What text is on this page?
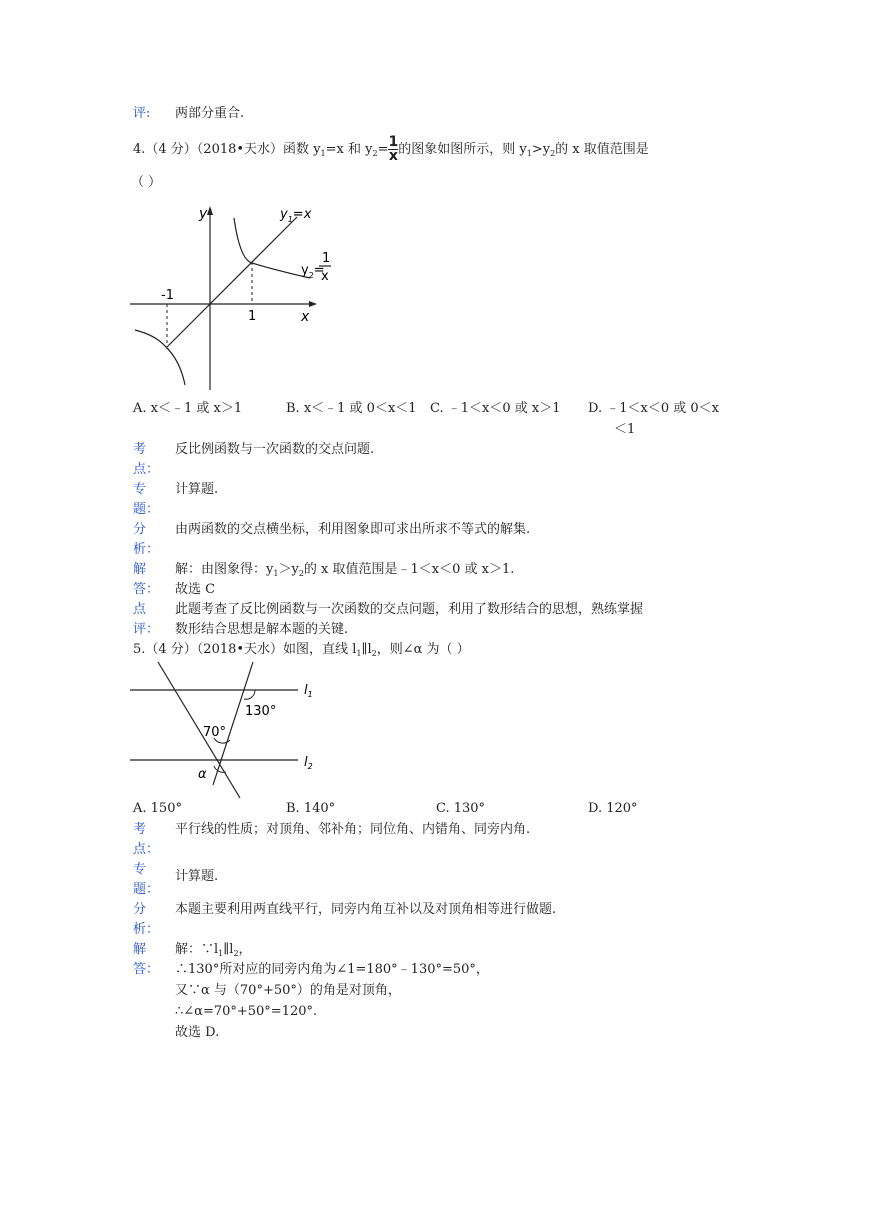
评: 两部分重合.
4.（4 分）（2018•天水）函数 $y_1=x$ 和 $y_2= \frac{1}{x}$ 的图象如图所示，则 $y_1>y_2$的 x 取值范围是
（ ）
y
x
-1
1
$y_1=x$
$y_2=$
1
x
A. x＜﹣1 或 x＞1	B. x＜﹣1 或 0＜x＜1 C. ﹣1＜x＜0 或 x＞1 D. ﹣1＜x＜0 或 0＜x
＜1
考
点：
反比例函数与一次函数的交点问题.
专
题：
计算题.
分
析：
由两函数的交点横坐标，利用图象即可求出所求不等式的解集.
解
答：
解：由图象得：$y_1>y_2$的 x 取值范围是﹣1＜x＜0 或 x＞1.
故选 C
点
评：
此题考查了反比例函数与一次函数的交点问题，利用了数形结合的思想，熟练掌握
数形结合思想是解本题的关键.
5.（4 分）（2018•天水）如图，直线 $l_1\parallel l_2$，则∠α 为（ ）
$l_1$
$l_2$
130°
70°
α
A. 150°	B. 140°	C. 130°	D. 120°
考
点：
平行线的性质；对顶角、邻补角；同位角、内错角、同旁内角.
专
题：
计算题.
分
析：
本题主要利用两直线平行，同旁内角互补以及对顶角相等进行做题.
解
答：
解：$\because l_1\parallel l_2$，
∴130°所对应的同旁内角为∠1=180°﹣130°=50°，
又∵α 与（70°+50°）的角是对顶角，
∴∠α=70°+50°=120°.
故选 D.
